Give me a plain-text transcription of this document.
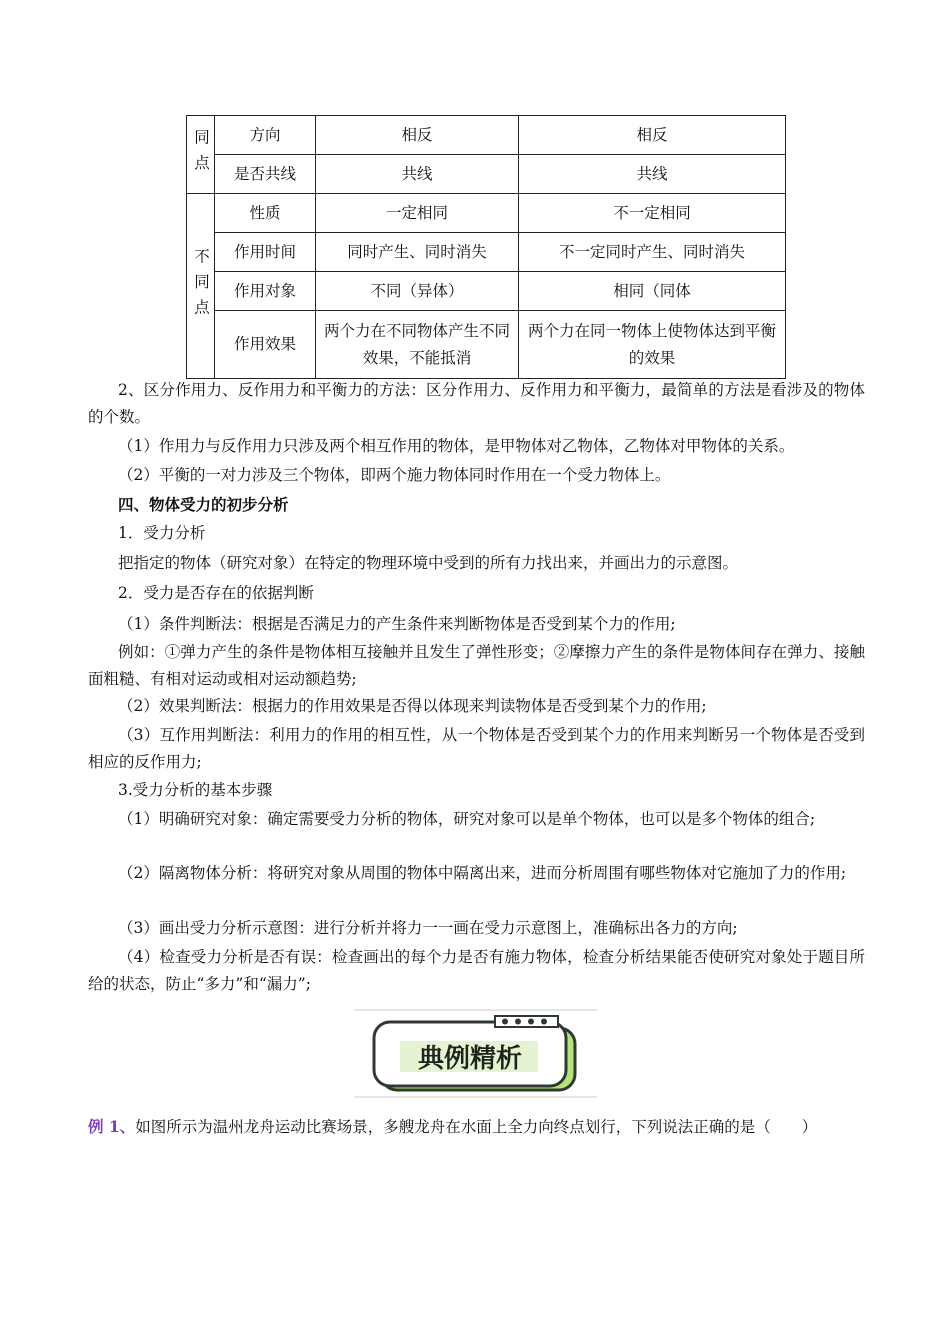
同点	方向	相反	相反
	是否共线	共线	共线
不同点	性质	一定相同	不一定相同
	作用时间	同时产生、同时消失	不一定同时产生、同时消失
	作用对象	不同（异体）	相同（同体
	作用效果	两个力在不同物体产生不同效果，不能抵消	两个力在同一物体上使物体达到平衡的效果
2、区分作用力、反作用力和平衡力的方法：区分作用力、反作用力和平衡力，最简单的方法是看涉及的物体的个数。
（1）作用力与反作用力只涉及两个相互作用的物体，是甲物体对乙物体，乙物体对甲物体的关系。
（2）平衡的一对力涉及三个物体，即两个施力物体同时作用在一个受力物体上。
四、物体受力的初步分析
1．受力分析
把指定的物体（研究对象）在特定的物理环境中受到的所有力找出来，并画出力的示意图。
2．受力是否存在的依据判断
（1）条件判断法：根据是否满足力的产生条件来判断物体是否受到某个力的作用;
例如：①弹力产生的条件是物体相互接触并且发生了弹性形变；②摩擦力产生的条件是物体间存在弹力、接触面粗糙、有相对运动或相对运动额趋势;
（2）效果判断法：根据力的作用效果是否得以体现来判读物体是否受到某个力的作用;
（3）互作用判断法：利用力的作用的相互性，从一个物体是否受到某个力的作用来判断另一个物体是否受到相应的反作用力;
3.受力分析的基本步骤
（1）明确研究对象：确定需要受力分析的物体，研究对象可以是单个物体，也可以是多个物体的组合;
（2）隔离物体分析：将研究对象从周围的物体中隔离出来，进而分析周围有哪些物体对它施加了力的作用;
（3）画出受力分析示意图：进行分析并将力一一画在受力示意图上，准确标出各力的方向;
（4）检查受力分析是否有误：检查画出的每个力是否有施力物体，检查分析结果能否使研究对象处于题目所给的状态，防止“多力”和“漏力”;
典例精析
例 1、如图所示为温州龙舟运动比赛场景，多艘龙舟在水面上全力向终点划行，下列说法正确的是（　　）
